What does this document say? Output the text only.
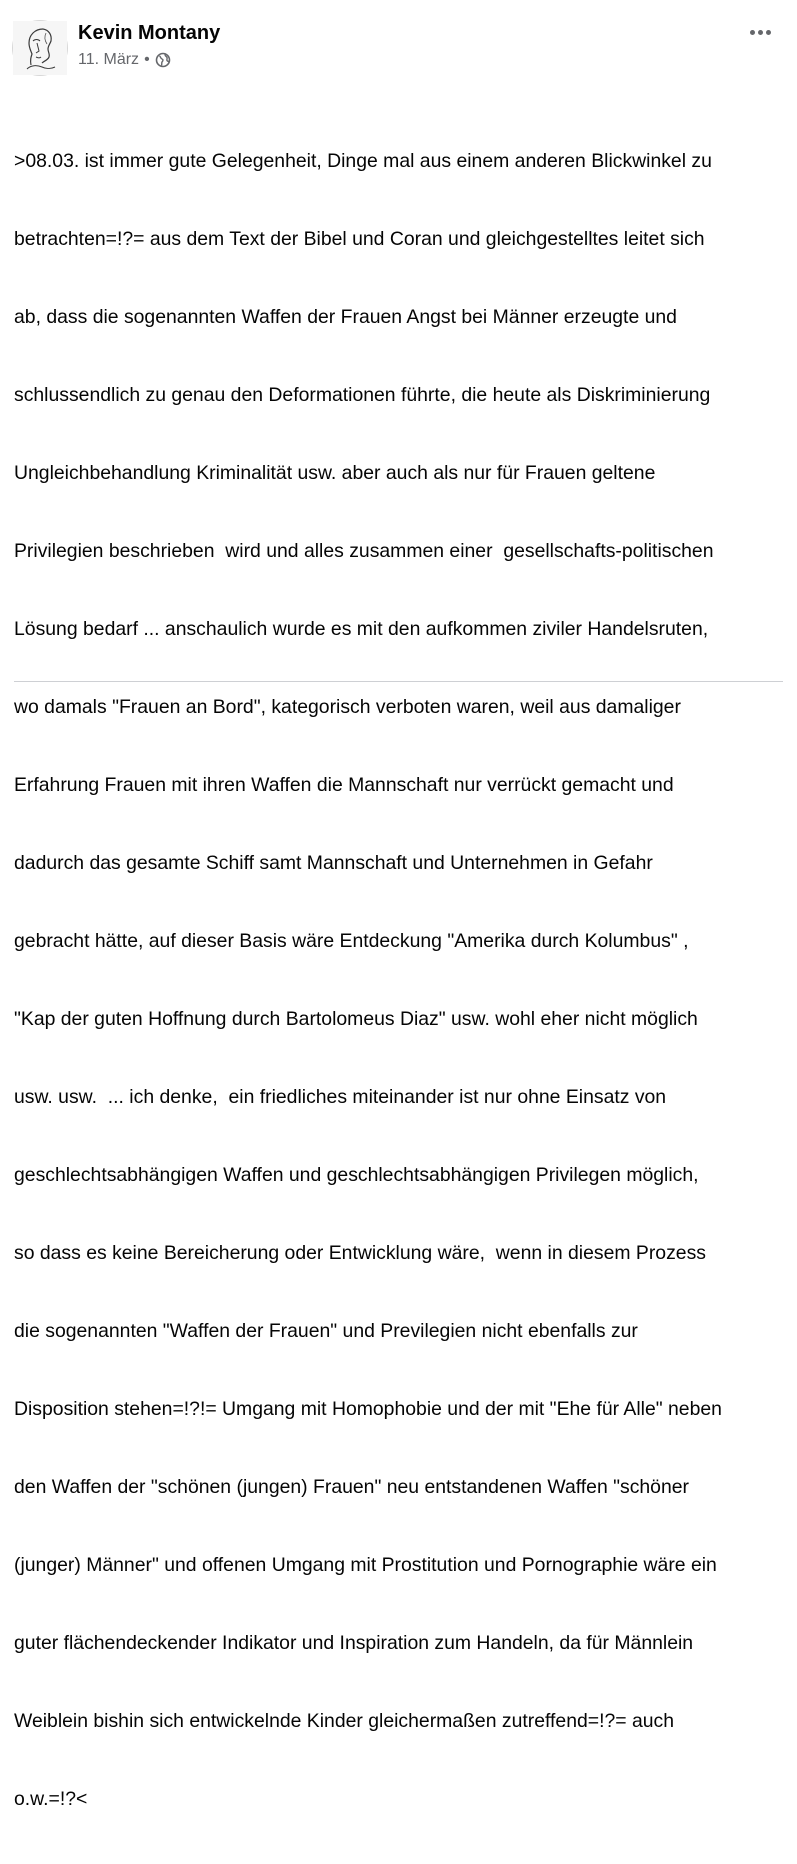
Kevin Montany
11. März •

>08.03. ist immer gute Gelegenheit, Dinge mal aus einem anderen Blickwinkel zu

betrachten=!?= aus dem Text der Bibel und Coran und gleichgestelltes leitet sich

ab, dass die sogenannten Waffen der Frauen Angst bei Männer erzeugte und

schlussendlich zu genau den Deformationen führte, die heute als Diskriminierung

Ungleichbehandlung Kriminalität usw. aber auch als nur für Frauen geltene

Privilegien beschrieben  wird und alles zusammen einer  gesellschafts-politischen

Lösung bedarf ... anschaulich wurde es mit den aufkommen ziviler Handelsruten,

wo damals "Frauen an Bord", kategorisch verboten waren, weil aus damaliger

Erfahrung Frauen mit ihren Waffen die Mannschaft nur verrückt gemacht und

dadurch das gesamte Schiff samt Mannschaft und Unternehmen in Gefahr

gebracht hätte, auf dieser Basis wäre Entdeckung "Amerika durch Kolumbus" ,

"Kap der guten Hoffnung durch Bartolomeus Diaz" usw. wohl eher nicht möglich

usw. usw.  ... ich denke,  ein friedliches miteinander ist nur ohne Einsatz von

geschlechtsabhängigen Waffen und geschlechtsabhängigen Privilegen möglich,

so dass es keine Bereicherung oder Entwicklung wäre,  wenn in diesem Prozess

die sogenannten "Waffen der Frauen" und Previlegien nicht ebenfalls zur

Disposition stehen=!?!= Umgang mit Homophobie und der mit "Ehe für Alle" neben

den Waffen der "schönen (jungen) Frauen" neu entstandenen Waffen "schöner

(junger) Männer" und offenen Umgang mit Prostitution und Pornographie wäre ein

guter flächendeckender Indikator und Inspiration zum Handeln, da für Männlein

Weiblein bishin sich entwickelnde Kinder gleichermaßen zutreffend=!?= auch

o.w.=!?<
